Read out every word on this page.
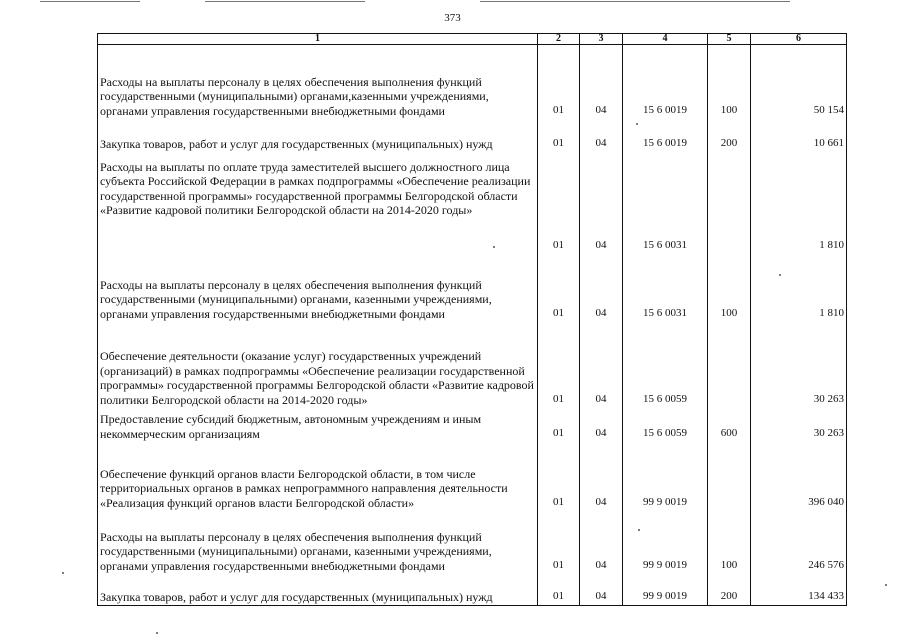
373
1	2	3	4	5	6
Расходы на выплаты персоналу в целях обеспечения выполнения функций государственными (муниципальными) органами,казенными учреждениями, органами управления государственными внебюджетными фондами	01	04	15 6 0019	100	50 154
Закупка товаров, работ и услуг для государственных (муниципальных) нужд	01	04	15 6 0019	200	10 661
Расходы на выплаты по оплате труда заместителей высшего должностного лица субъекта Российской Федерации в рамках подпрограммы «Обеспечение реализации государственной программы» государственной программы Белгородской области «Развитие кадровой политики Белгородской области на 2014-2020 годы»	01	04	15 6 0031		1 810
Расходы на выплаты персоналу в целях обеспечения выполнения функций государственными (муниципальными) органами, казенными учреждениями, органами управления государственными внебюджетными фондами	01	04	15 6 0031	100	1 810
Обеспечение деятельности (оказание услуг) государственных учреждений (организаций) в рамках подпрограммы «Обеспечение реализации государственной программы» государственной программы Белгородской области «Развитие кадровой политики Белгородской области на 2014-2020 годы»	01	04	15 6 0059		30 263
Предоставление субсидий бюджетным, автономным учреждениям и иным некоммерческим организациям	01	04	15 6 0059	600	30 263
Обеспечение функций органов власти Белгородской области, в том числе территориальных органов в рамках непрограммного направления деятельности «Реализация функций органов власти Белгородской области»	01	04	99 9 0019		396 040
Расходы на выплаты персоналу в целях обеспечения выполнения функций государственными (муниципальными) органами, казенными учреждениями, органами управления государственными внебюджетными фондами	01	04	99 9 0019	100	246 576
Закупка товаров, работ и услуг для государственных (муниципальных) нужд	01	04	99 9 0019	200	134 433
